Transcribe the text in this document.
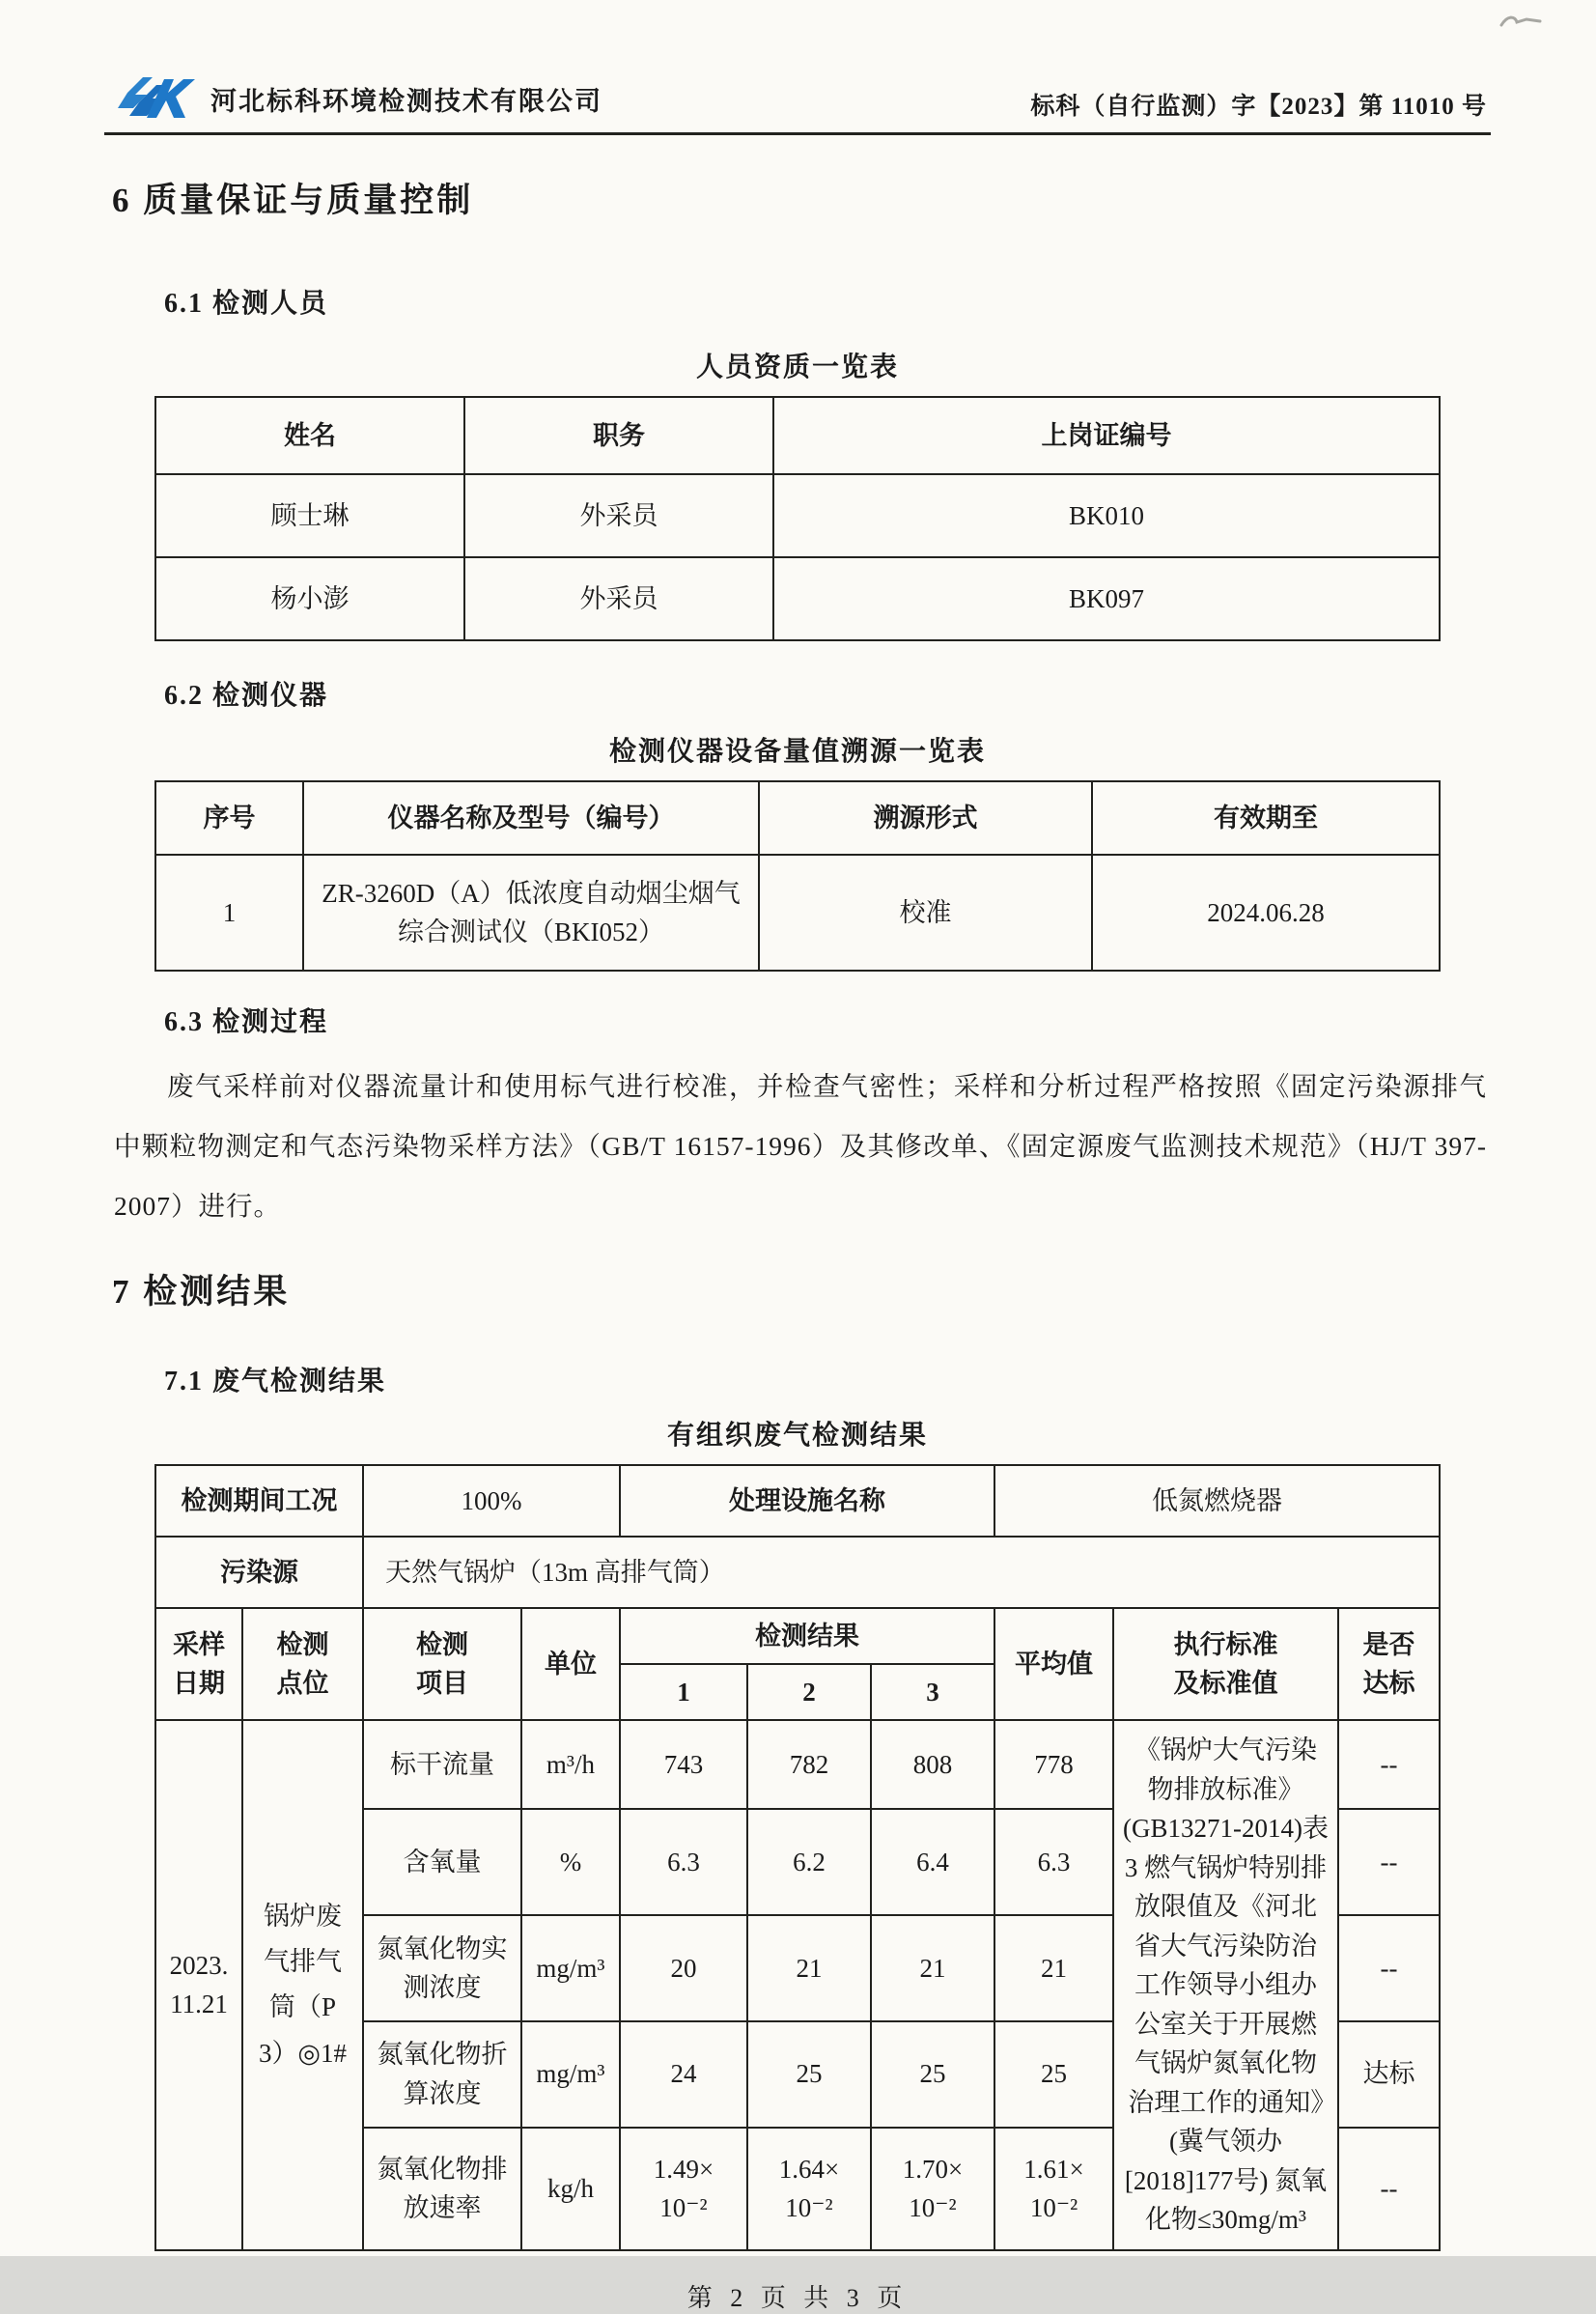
河北标科环境检测技术有限公司	标科（自行监测）字【2023】第 11010 号
6 质量保证与质量控制
6.1 检测人员
人员资质一览表
姓名	职务	上岗证编号
顾士琳	外采员	BK010
杨小澎	外采员	BK097
6.2 检测仪器
检测仪器设备量值溯源一览表
序号	仪器名称及型号（编号）	溯源形式	有效期至
1	ZR-3260D（A）低浓度自动烟尘烟气综合测试仪（BKI052）	校准	2024.06.28
6.3 检测过程
废气采样前对仪器流量计和使用标气进行校准，并检查气密性；采样和分析过程严格按照《固定污染源排气中颗粒物测定和气态污染物采样方法》（GB/T 16157-1996）及其修改单、《固定源废气监测技术规范》（HJ/T 397-2007）进行。
7 检测结果
7.1 废气检测结果
有组织废气检测结果
检测期间工况		100%		处理设施名称			低氮燃烧器		
污染源		天然气锅炉（13m 高排气筒）							
采样日期	检测点位	检测项目	单位	检测结果			平均值	执行标准及标准值	是否达标
				1	2	3			
2023. 11.21	锅炉废气排气筒（P3）◎1#	标干流量	m³/h	743	782	808	778	《锅炉大气污染物排放标准》(GB13271-2014)表3 燃气锅炉特别排放限值及《河北省大气污染防治工作领导小组办公室关于开展燃气锅炉氮氧化物治理工作的通知》(冀气领办[2018]177号) 氮氧化物≤30mg/m³	--
		含氧量	%	6.3	6.2	6.4	6.3		--
		氮氧化物实测浓度	mg/m³	20	21	21	21		--
		氮氧化物折算浓度	mg/m³	24	25	25	25		达标
		氮氧化物排放速率	kg/h	1.49× 10⁻²	1.64× 10⁻²	1.70× 10⁻²	1.61× 10⁻²		--
第 2 页 共 3 页
